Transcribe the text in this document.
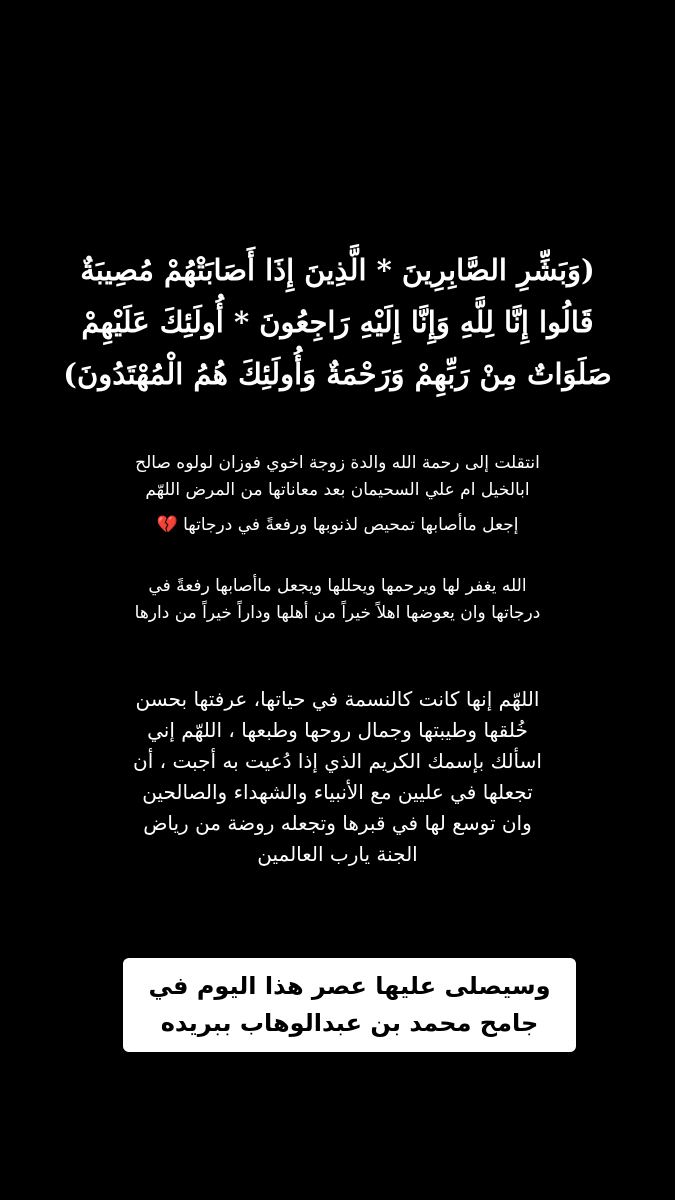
(وَبَشِّرِ الصَّابِرِينَ * الَّذِينَ إِذَا أَصَابَتْهُمْ مُصِيبَةٌ
قَالُوا إِنَّا لِلَّهِ وَإِنَّا إِلَيْهِ رَاجِعُونَ * أُولَئِكَ عَلَيْهِمْ
صَلَوَاتٌ مِنْ رَبِّهِمْ وَرَحْمَةٌ وَأُولَئِكَ هُمُ الْمُهْتَدُونَ)

انتقلت إلى رحمة الله والدة زوجة اخوي فوزان لولوه صالح
ابالخيل ام علي السحيمان بعد معاناتها من المرض اللهّم
إجعل ماأصابها تمحيص لذنوبها ورفعةً في درجاتها 💔

الله يغفر لها ويرحمها ويحللها ويجعل ماأصابها رفعةً في
درجاتها وان يعوضها اهلاً خيراً من أهلها وداراً خيراً من دارها

اللهّم إنها كانت كالنسمة في حياتها، عرفتها بحسن
خُلقها وطيبتها وجمال روحها وطبعها ، اللهّم إني
اسألك بإسمك الكريم الذي إذا دُعيت به أجبت ، أن
تجعلها في عليين مع الأنبياء والشهداء والصالحين
وان توسع لها في قبرها وتجعله روضة من رياض
الجنة يارب العالمين

وسيصلى عليها عصر هذا اليوم في
جامح محمد بن عبدالوهاب ببريده
